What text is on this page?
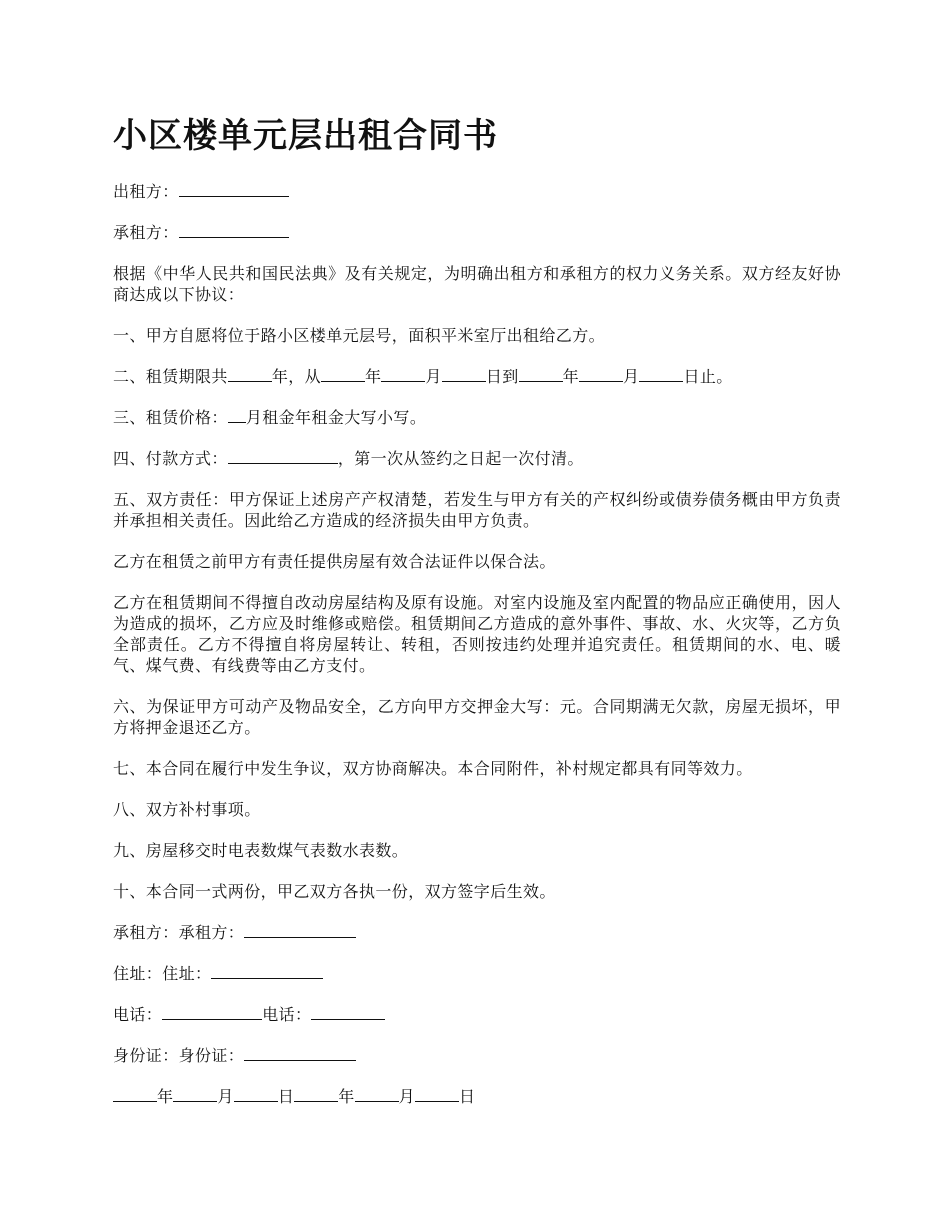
小区楼单元层出租合同书

出租方：

承租方：

根据《中华人民共和国民法典》及有关规定，为明确出租方和承租方的权力义务关系。双方经友好协商达成以下协议：

一、甲方自愿将位于路小区楼单元层号，面积平米室厅出租给乙方。

二、租赁期限共	年，从	年	月	日到	年	月	日止。

三、租赁价格： 月租金年租金大写小写。

四、付款方式：	，第一次从签约之日起一次付清。

五、双方责任：甲方保证上述房产产权清楚，若发生与甲方有关的产权纠纷或债券债务概由甲方负责并承担相关责任。因此给乙方造成的经济损失由甲方负责。

乙方在租赁之前甲方有责任提供房屋有效合法证件以保合法。

乙方在租赁期间不得擅自改动房屋结构及原有设施。对室内设施及室内配置的物品应正确使用，因人为造成的损坏，乙方应及时维修或赔偿。租赁期间乙方造成的意外事件、事故、水、火灾等，乙方负全部责任。乙方不得擅自将房屋转让、转租，否则按违约处理并追究责任。租赁期间的水、电、暖气、煤气费、有线费等由乙方支付。

六、为保证甲方可动产及物品安全，乙方向甲方交押金大写：元。合同期满无欠款，房屋无损坏，甲方将押金退还乙方。

七、本合同在履行中发生争议，双方协商解决。本合同附件，补村规定都具有同等效力。

八、双方补村事项。

九、房屋移交时电表数煤气表数水表数。

十、本合同一式两份，甲乙双方各执一份，双方签字后生效。

承租方：承租方：

住址：住址：

电话：	电话：

身份证：身份证：

年	月	日	年	月	日
